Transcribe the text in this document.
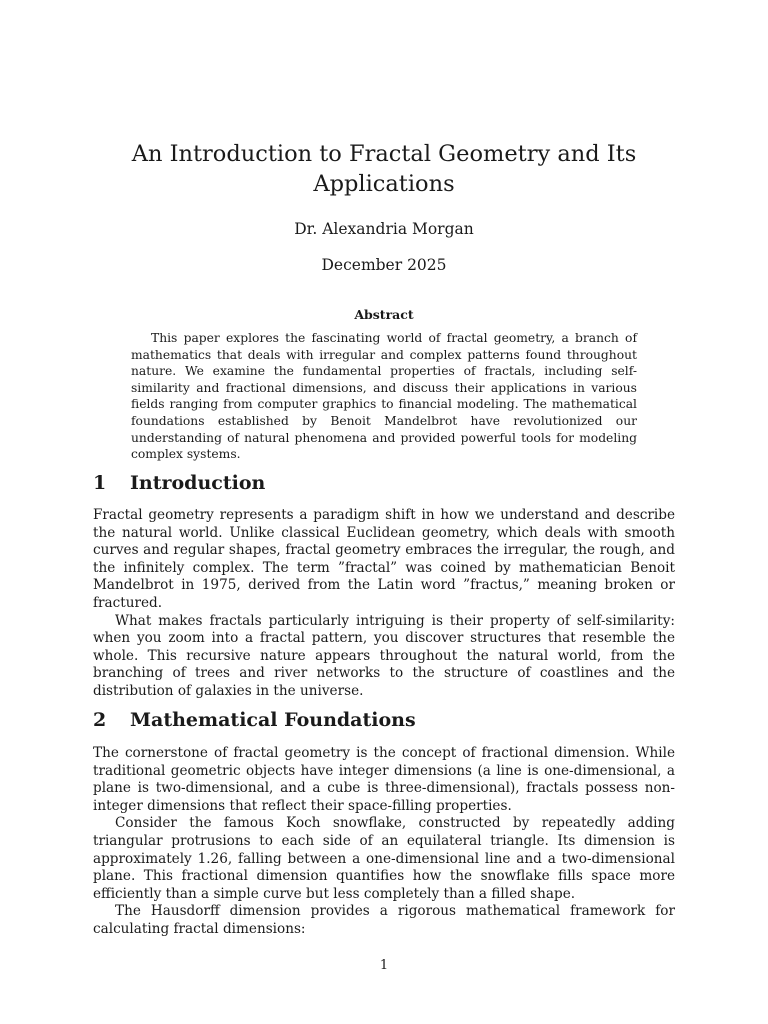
An Introduction to Fractal Geometry and Its Applications
Dr. Alexandria Morgan
December 2025
Abstract

This paper explores the fascinating world of fractal geometry, a branch of mathematics that deals with irregular and complex patterns found throughout nature. We examine the fundamental properties of fractals, including self-similarity and fractional dimensions, and discuss their applications in various fields ranging from computer graphics to financial modeling. The mathematical foundations established by Benoit Mandelbrot have revolutionized our understanding of natural phenomena and provided powerful tools for modeling complex systems.

1 Introduction

Fractal geometry represents a paradigm shift in how we understand and describe the natural world. Unlike classical Euclidean geometry, which deals with smooth curves and regular shapes, fractal geometry embraces the irregular, the rough, and the infinitely complex. The term ”fractal” was coined by mathematician Benoit Mandelbrot in 1975, derived from the Latin word ”fractus,” meaning broken or fractured.

What makes fractals particularly intriguing is their property of self-similarity: when you zoom into a fractal pattern, you discover structures that resemble the whole. This recursive nature appears throughout the natural world, from the branching of trees and river networks to the structure of coastlines and the distribution of galaxies in the universe.

2 Mathematical Foundations

The cornerstone of fractal geometry is the concept of fractional dimension. While traditional geometric objects have integer dimensions (a line is one-dimensional, a plane is two-dimensional, and a cube is three-dimensional), fractals possess non-integer dimensions that reflect their space-filling properties.

Consider the famous Koch snowflake, constructed by repeatedly adding triangular protrusions to each side of an equilateral triangle. Its dimension is approximately 1.26, falling between a one-dimensional line and a two-dimensional plane. This fractional dimension quantifies how the snowflake fills space more efficiently than a simple curve but less completely than a filled shape.

The Hausdorff dimension provides a rigorous mathematical framework for calculating fractal dimensions:

1
